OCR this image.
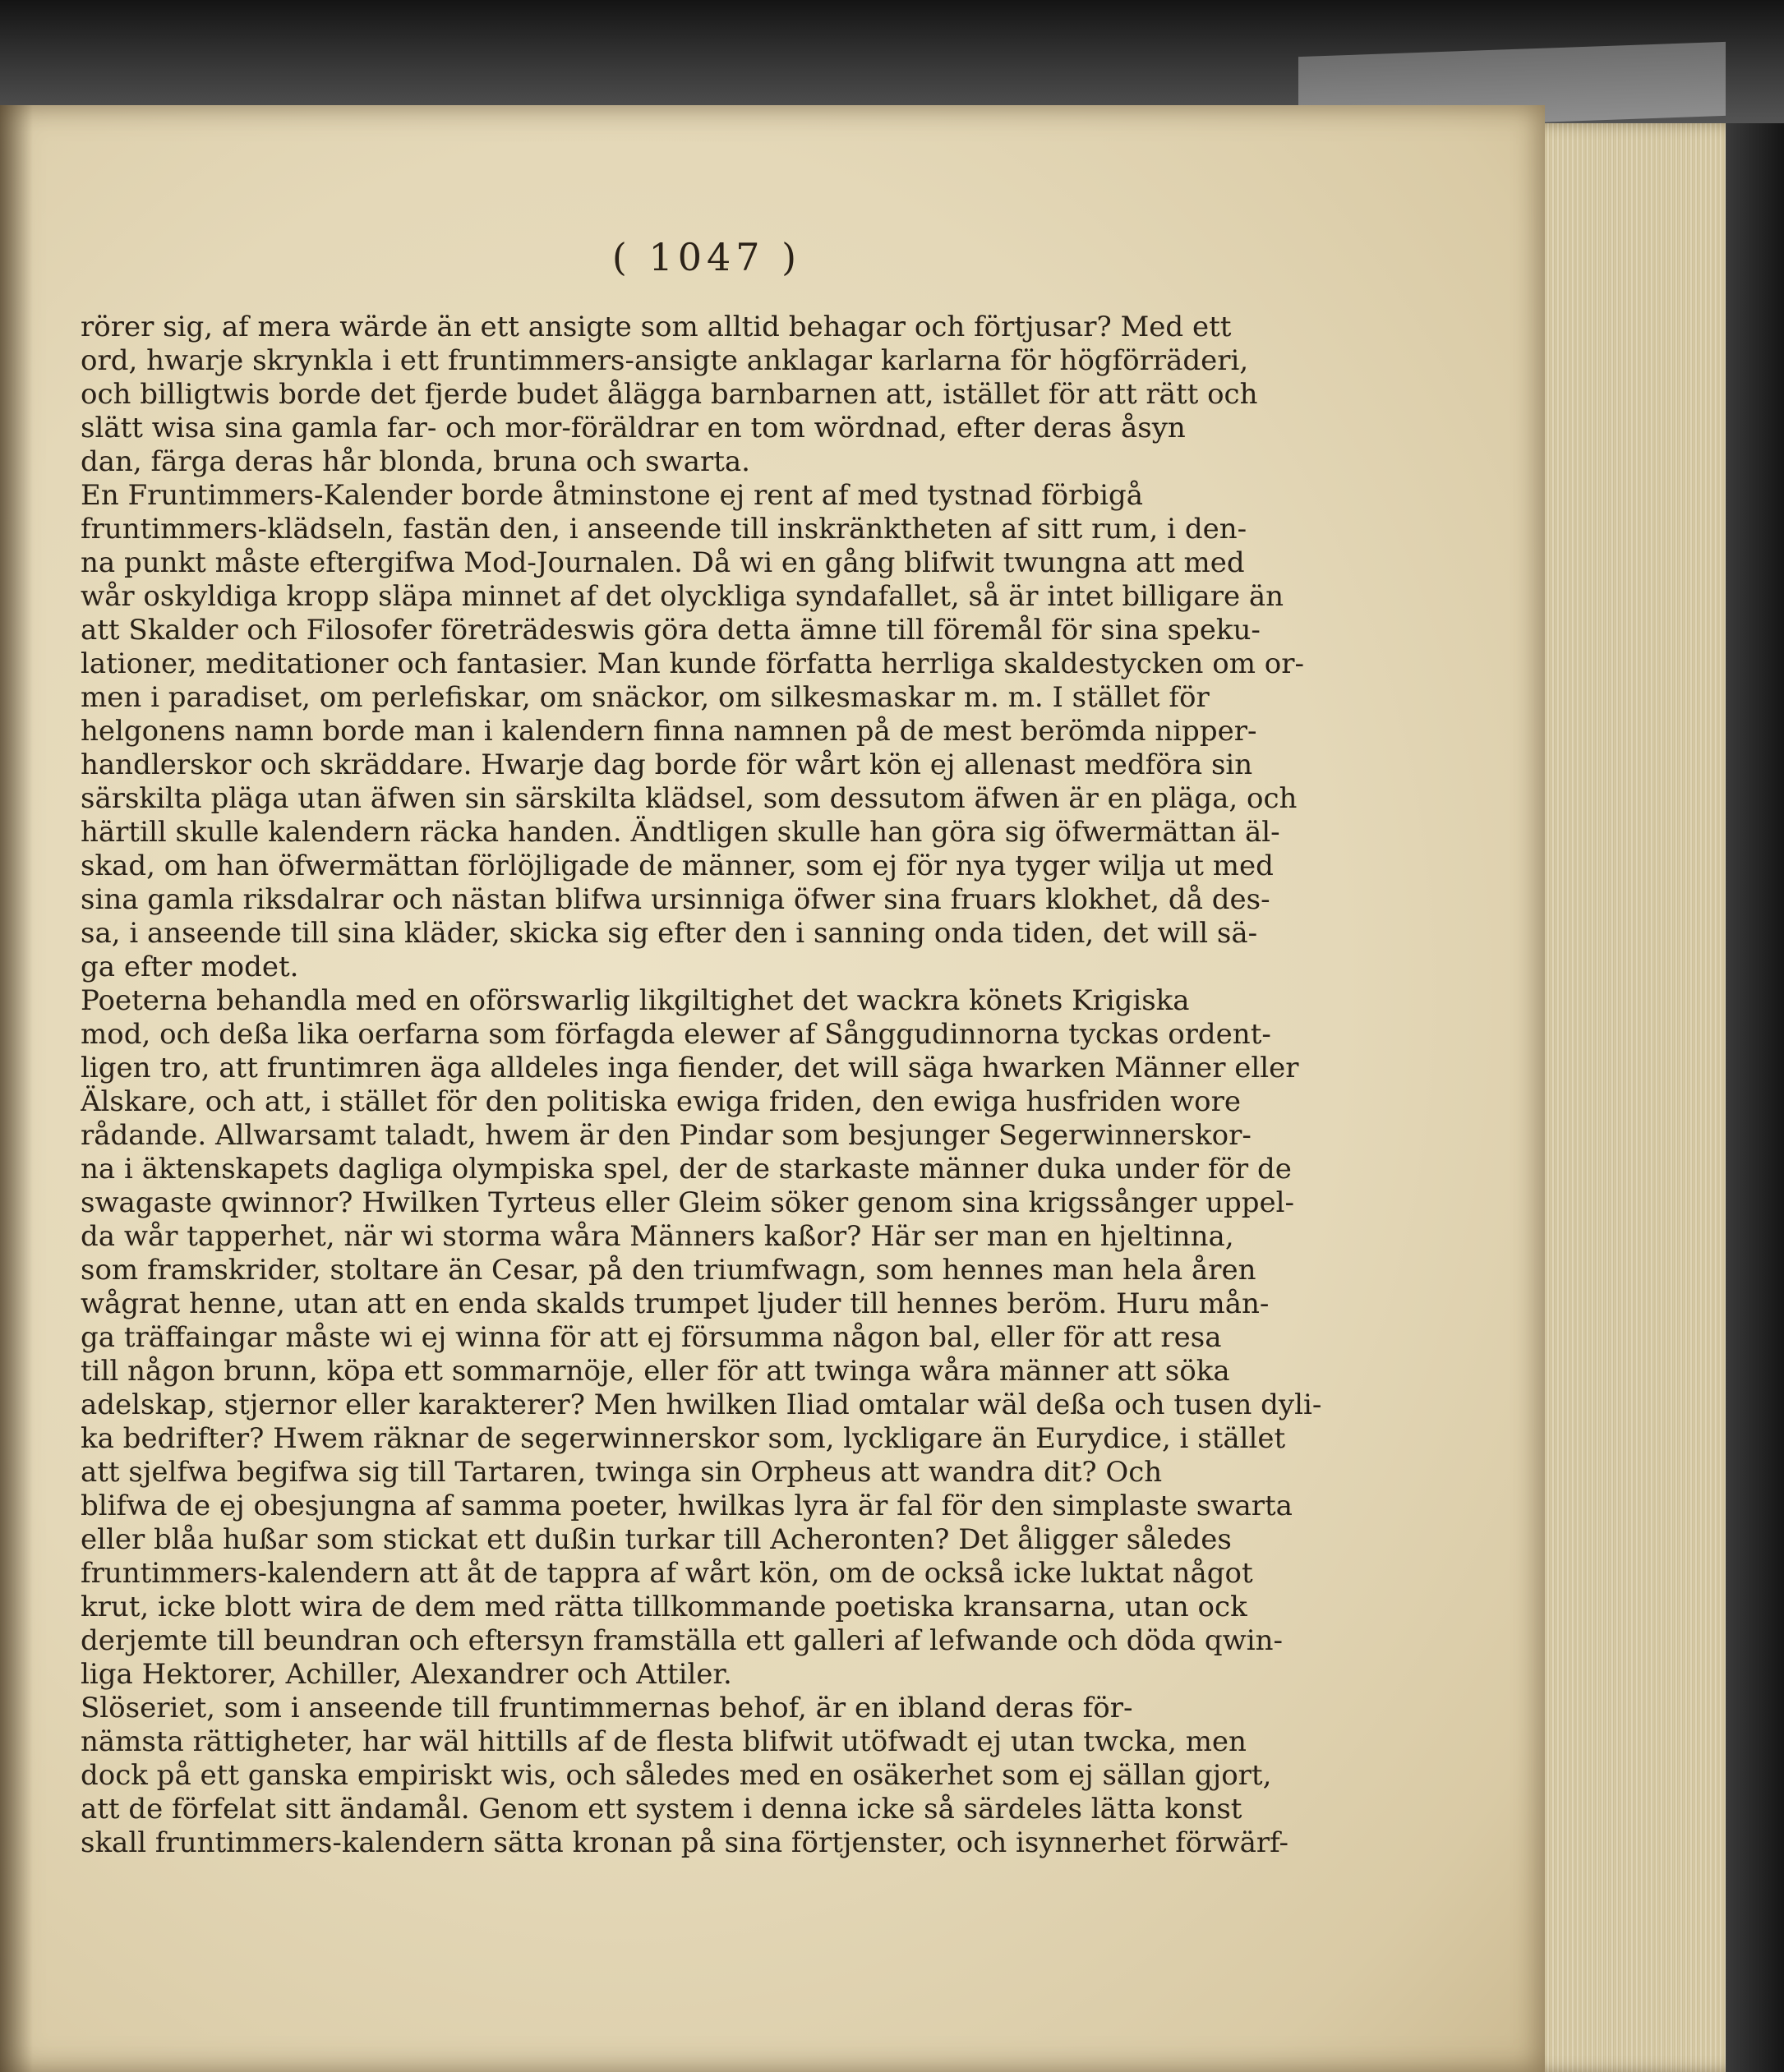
( 1047 )
rörer sig, af mera wärde än ett ansigte som alltid behagar och förtjusar? Med ett
ord, hwarje skrynkla i ett fruntimmers-ansigte anklagar karlarna för högförräderi,
och billigtwis borde det fjerde budet ålägga barnbarnen att, istället för att rätt och
slätt wisa sina gamla far- och mor-föräldrar en tom wördnad, efter deras åsyn
dan, färga deras hår blonda, bruna och swarta.
En Fruntimmers-Kalender borde åtminstone ej rent af med tystnad förbigå
fruntimmers-klädseln, fastän den, i anseende till inskränktheten af sitt rum, i den-
na punkt måste eftergifwa Mod-Journalen. Då wi en gång blifwit twungna att med
wår oskyldiga kropp släpa minnet af det olyckliga syndafallet, så är intet billigare än
att Skalder och Filosofer företrädeswis göra detta ämne till föremål för sina speku-
lationer, meditationer och fantasier. Man kunde författa herrliga skaldestycken om or-
men i paradiset, om perlefiskar, om snäckor, om silkesmaskar m. m. I stället för
helgonens namn borde man i kalendern finna namnen på de mest berömda nipper-
handlerskor och skräddare. Hwarje dag borde för wårt kön ej allenast medföra sin
särskilta pläga utan äfwen sin särskilta klädsel, som dessutom äfwen är en pläga, och
härtill skulle kalendern räcka handen. Ändtligen skulle han göra sig öfwermättan äl-
skad, om han öfwermättan förlöjligade de männer, som ej för nya tyger wilja ut med
sina gamla riksdalrar och nästan blifwa ursinniga öfwer sina fruars klokhet, då des-
sa, i anseende till sina kläder, skicka sig efter den i sanning onda tiden, det will sä-
ga efter modet.
Poeterna behandla med en oförswarlig likgiltighet det wackra könets Krigiska
mod, och deßa lika oerfarna som förfagda elewer af Sånggudinnorna tyckas ordent-
ligen tro, att fruntimren äga alldeles inga fiender, det will säga hwarken Männer eller
Älskare, och att, i stället för den politiska ewiga friden, den ewiga husfriden wore
rådande. Allwarsamt taladt, hwem är den Pindar som besjunger Segerwinnerskor-
na i äktenskapets dagliga olympiska spel, der de starkaste männer duka under för de
swagaste qwinnor? Hwilken Tyrteus eller Gleim söker genom sina krigssånger uppel-
da wår tapperhet, när wi storma wåra Männers kaßor? Här ser man en hjeltinna,
som framskrider, stoltare än Cesar, på den triumfwagn, som hennes man hela åren
wågrat henne, utan att en enda skalds trumpet ljuder till hennes beröm. Huru mån-
ga träffaingar måste wi ej winna för att ej försumma någon bal, eller för att resa
till någon brunn, köpa ett sommarnöje, eller för att twinga wåra männer att söka
adelskap, stjernor eller karakterer? Men hwilken Iliad omtalar wäl deßa och tusen dyli-
ka bedrifter? Hwem räknar de segerwinnerskor som, lyckligare än Eurydice, i stället
att sjelfwa begifwa sig till Tartaren, twinga sin Orpheus att wandra dit? Och
blifwa de ej obesjungna af samma poeter, hwilkas lyra är fal för den simplaste swarta
eller blåa hußar som stickat ett dußin turkar till Acheronten? Det åligger således
fruntimmers-kalendern att åt de tappra af wårt kön, om de också icke luktat något
krut, icke blott wira de dem med rätta tillkommande poetiska kransarna, utan ock
derjemte till beundran och eftersyn framställa ett galleri af lefwande och döda qwin-
liga Hektorer, Achiller, Alexandrer och Attiler.
Slöseriet, som i anseende till fruntimmernas behof, är en ibland deras för-
nämsta rättigheter, har wäl hittills af de flesta blifwit utöfwadt ej utan twcka, men
dock på ett ganska empiriskt wis, och således med en osäkerhet som ej sällan gjort,
att de förfelat sitt ändamål. Genom ett system i denna icke så särdeles lätta konst
skall fruntimmers-kalendern sätta kronan på sina förtjenster, och isynnerhet förwärf-
